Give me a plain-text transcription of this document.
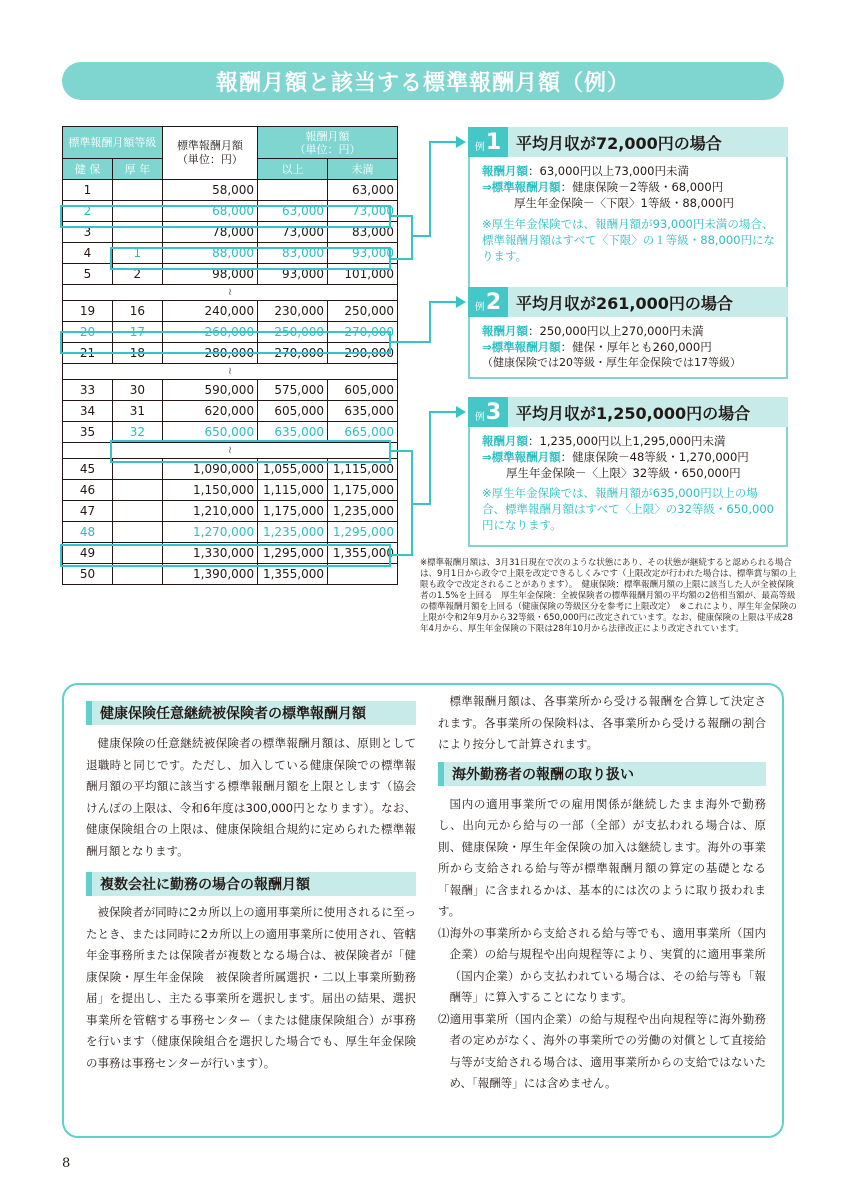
報酬月額と該当する標準報酬月額（例）
標準報酬月額等級		標準報酬月額
（単位：円）	報酬月額
（単位：円）	
健 保	厚 年		以上	未満
1		58,000		63,000
2		68,000	63,000	73,000
3		78,000	73,000	83,000
4	1	88,000	83,000	93,000
5	2	98,000	93,000	101,000
≀				
19	16	240,000	230,000	250,000
20	17	260,000	250,000	270,000
21	18	280,000	270,000	290,000
≀				
33	30	590,000	575,000	605,000
34	31	620,000	605,000	635,000
35	32	650,000	635,000	665,000
≀				
45		1,090,000	1,055,000	1,115,000
46		1,150,000	1,115,000	1,175,000
47		1,210,000	1,175,000	1,235,000
48		1,270,000	1,235,000	1,295,000
49		1,330,000	1,295,000	1,355,000
50		1,390,000	1,355,000	
例 1 平均月収が72,000円の場合
報酬月額：63,000円以上73,000円未満
⇒標準報酬月額：健康保険－2等級・68,000円
厚生年金保険－〈下限〉1等級・88,000円
※厚生年金保険では、報酬月額が93,000円未満の場合、標準報酬月額はすべて〈下限〉の１等級・88,000円になります。
例 2 平均月収が261,000円の場合
報酬月額：250,000円以上270,000円未満
⇒標準報酬月額：健保・厚年とも260,000円
（健康保険では20等級・厚生年金保険では17等級）
例 3 平均月収が1,250,000円の場合
報酬月額：1,235,000円以上1,295,000円未満
⇒標準報酬月額：健康保険－48等級・1,270,000円
厚生年金保険－〈上限〉32等級・650,000円
※厚生年金保険では、報酬月額が635,000円以上の場合、標準報酬月額はすべて〈上限〉の32等級・650,000円になります。
※標準報酬月額は、3月31日現在で次のような状態にあり、その状態が継続すると認められる場合は、9月1日から政令で上限を改定できるしくみです（上限改定が行われた場合は、標準賞与額の上限も政令で改定されることがあります）。　健康保険：標準報酬月額の上限に該当した人が全被保険者の1.5%を上回る　厚生年金保険：全被保険者の標準報酬月額の平均額の2倍相当額が、最高等級の標準報酬月額を上回る（健康保険の等級区分を参考に上限改定）　※これにより、厚生年金保険の上限が令和2年9月から32等級・650,000円に改定されています。なお、健康保険の上限は平成28年4月から、厚生年金保険の下限は28年10月から法律改正により改定されています。
健康保険任意継続被保険者の標準報酬月額
健康保険の任意継続被保険者の標準報酬月額は、原則として退職時と同じです。ただし、加入している健康保険での標準報酬月額の平均額に該当する標準報酬月額を上限とします（協会けんぽの上限は、令和6年度は300,000円となります）。なお、健康保険組合の上限は、健康保険組合規約に定められた標準報酬月額となります。
複数会社に勤務の場合の報酬月額
被保険者が同時に2カ所以上の適用事業所に使用されるに至ったとき、または同時に2カ所以上の適用事業所に使用され、管轄年金事務所または保険者が複数となる場合は、被保険者が「健康保険・厚生年金保険　被保険者所属選択・二以上事業所勤務届」を提出し、主たる事業所を選択します。届出の結果、選択事業所を管轄する事務センター（または健康保険組合）が事務を行います（健康保険組合を選択した場合でも、厚生年金保険の事務は事務センターが行います）。
標準報酬月額は、各事業所から受ける報酬を合算して決定されます。各事業所の保険料は、各事業所から受ける報酬の割合により按分して計算されます。
海外勤務者の報酬の取り扱い
国内の適用事業所での雇用関係が継続したまま海外で勤務し、出向元から給与の一部（全部）が支払われる場合は、原則、健康保険・厚生年金保険の加入は継続します。海外の事業所から支給される給与等が標準報酬月額の算定の基礎となる「報酬」に含まれるかは、基本的には次のように取り扱われます。
⑴海外の事業所から支給される給与等でも、適用事業所（国内企業）の給与規程や出向規程等により、実質的に適用事業所（国内企業）から支払われている場合は、その給与等も「報酬等」に算入することになります。
⑵適用事業所（国内企業）の給与規程や出向規程等に海外勤務者の定めがなく、海外の事業所での労働の対償として直接給与等が支給される場合は、適用事業所からの支給ではないため、「報酬等」には含めません。
8
